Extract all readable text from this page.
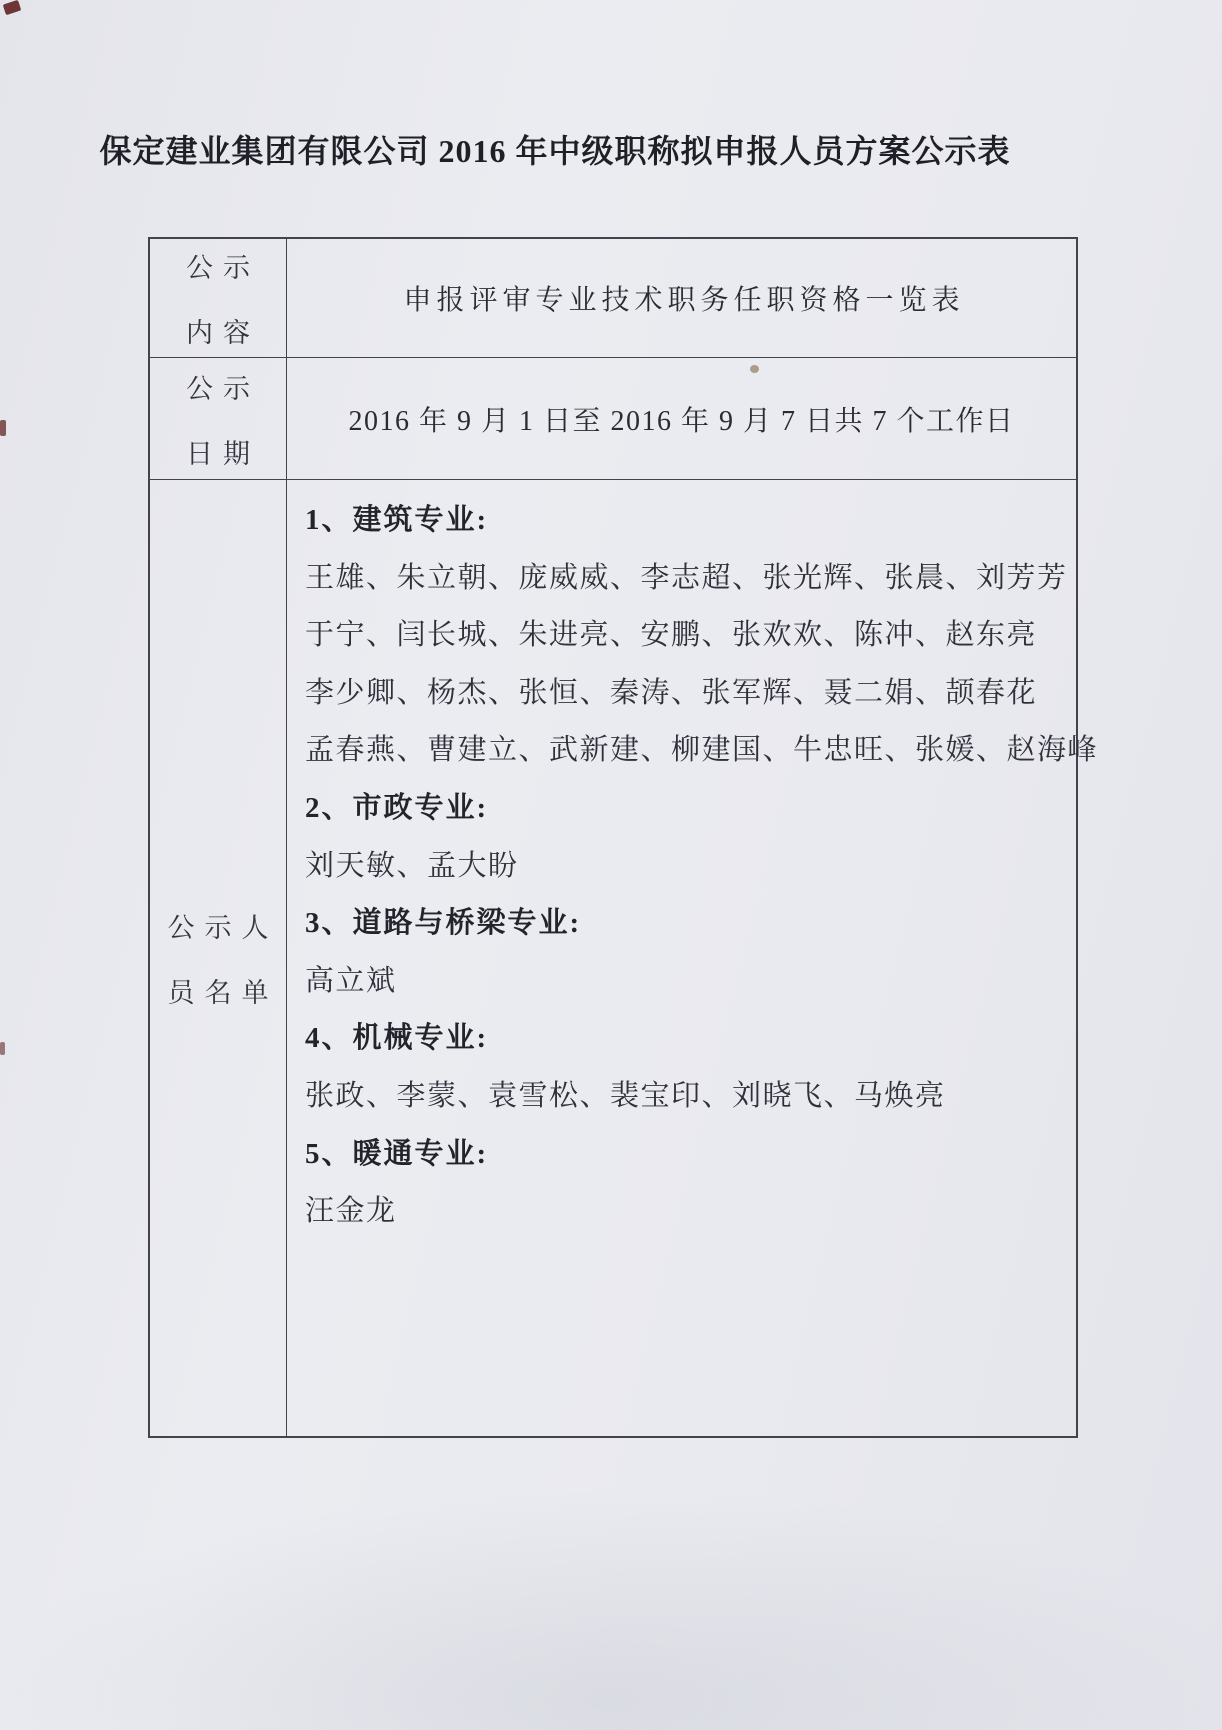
保定建业集团有限公司 2016 年中级职称拟申报人员方案公示表
公示
内容
申报评审专业技术职务任职资格一览表
公示
日期
2016 年 9 月 1 日至 2016 年 9 月 7 日共 7 个工作日
公示人
员名单
1、建筑专业:
王雄、朱立朝、庞威威、李志超、张光辉、张晨、刘芳芳
于宁、闫长城、朱进亮、安鹏、张欢欢、陈冲、赵东亮
李少卿、杨杰、张恒、秦涛、张军辉、聂二娟、颉春花
孟春燕、曹建立、武新建、柳建国、牛忠旺、张媛、赵海峰
2、市政专业:
刘天敏、孟大盼
3、道路与桥梁专业:
高立斌
4、机械专业:
张政、李蒙、袁雪松、裴宝印、刘晓飞、马焕亮
5、暖通专业:
汪金龙
